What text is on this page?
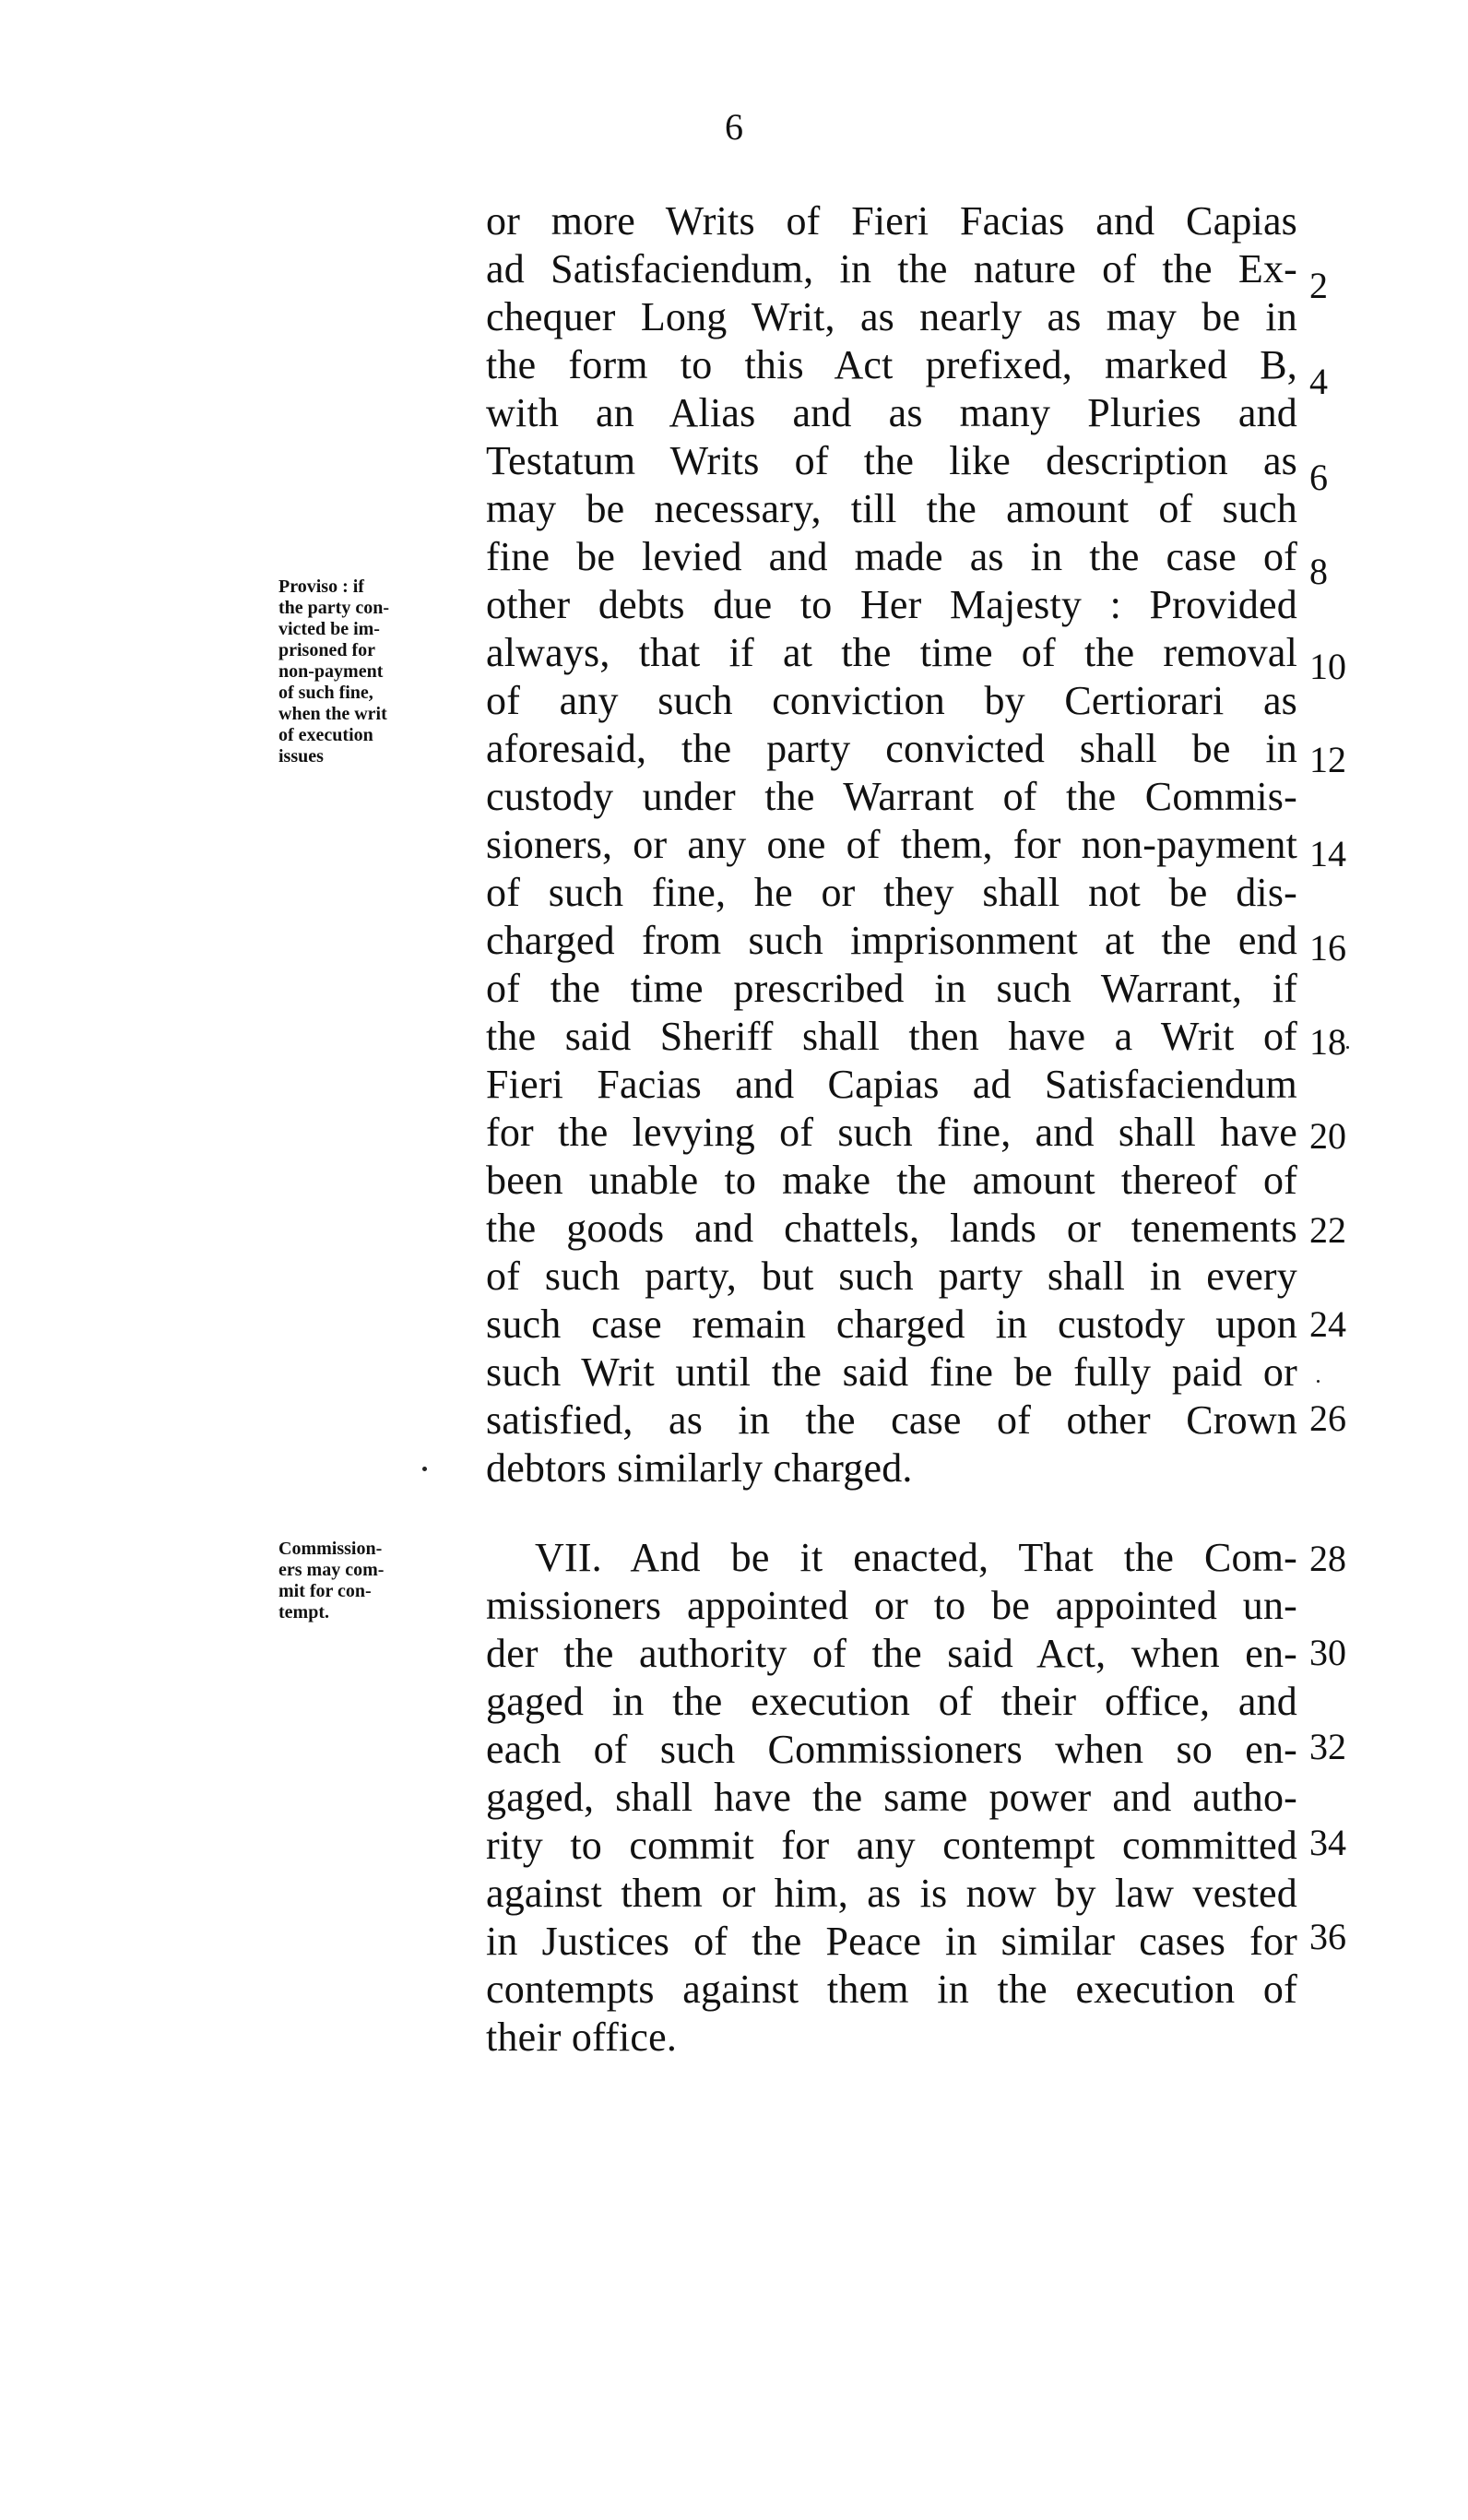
6
or more Writs of Fieri Facias and Capias
ad Satisfaciendum, in the nature of the Ex-
chequer Long Writ, as nearly as may be in
the form to this Act prefixed, marked B,
with an Alias and as many Pluries and
Testatum Writs of the like description as
may be necessary, till the amount of such
fine be levied and made as in the case of
other debts due to Her Majesty : Provided
always, that if at the time of the removal
of any such conviction by Certiorari as
aforesaid, the party convicted shall be in
custody under the Warrant of the Commis-
sioners, or any one of them, for non-payment
of such fine, he or they shall not be dis-
charged from such imprisonment at the end
of the time prescribed in such Warrant, if
the said Sheriff shall then have a Writ of
Fieri Facias and Capias ad Satisfaciendum
for the levying of such fine, and shall have
been unable to make the amount thereof of
the goods and chattels, lands or tenements
of such party, but such party shall in every
such case remain charged in custody upon
such Writ until the said fine be fully paid or
satisfied, as in the case of other Crown
debtors similarly charged.
VII. And be it enacted, That the Com-
missioners appointed or to be appointed un-
der the authority of the said Act, when en-
gaged in the execution of their office, and
each of such Commissioners when so en-
gaged, shall have the same power and autho-
rity to commit for any contempt committed
against them or him, as is now by law vested
in Justices of the Peace in similar cases for
contempts against them in the execution of
their office.
2
4
6
8
10
12
14
16
18
20
22
24
26
28
30
32
34
36
Proviso : if
the party con-
victed be im-
prisoned for
non-payment
of such fine,
when the writ
of execution
issues
Commission-
ers may com-
mit for con-
tempt.
